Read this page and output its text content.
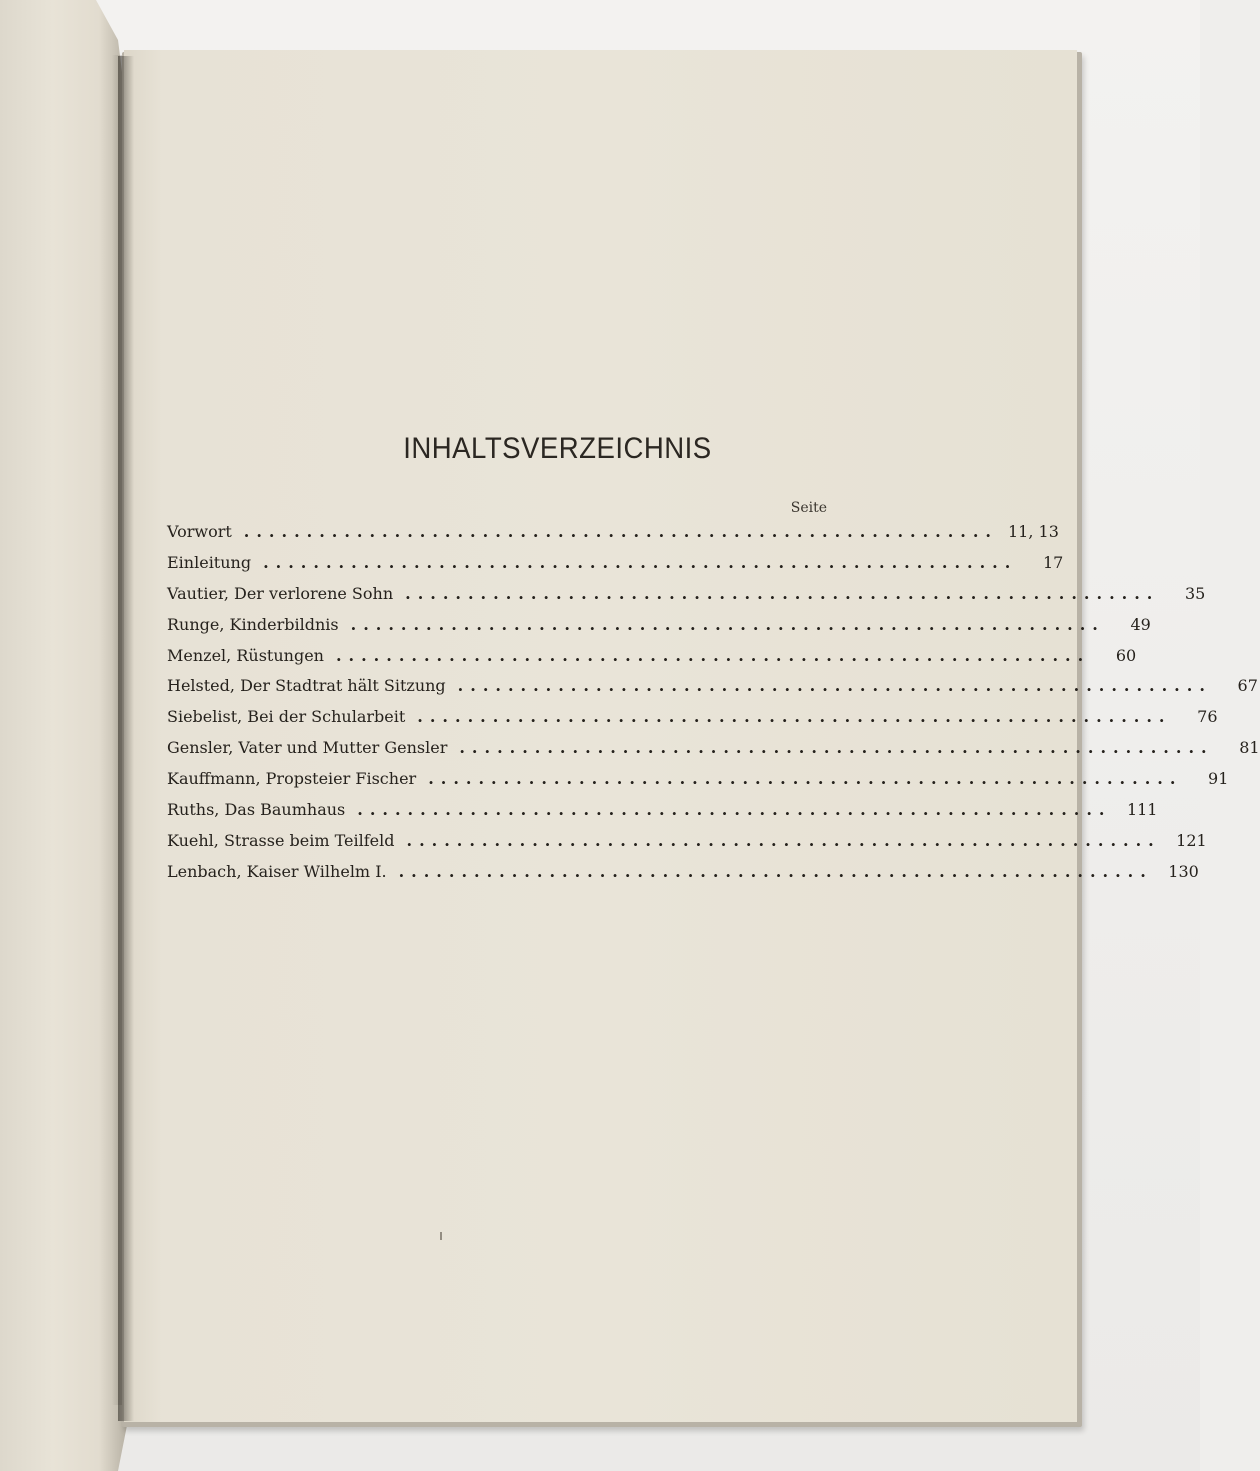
INHALTSVERZEICHNIS
Seite
Vorwort ............................................................ 11, 13
Einleitung ............................................................	17
Vautier, Der verlorene Sohn ............................................................	35
Runge, Kinderbildnis ............................................................	49
Menzel, Rüstungen ............................................................	60
Helsted, Der Stadtrat hält Sitzung ............................................................	67
Siebelist, Bei der Schularbeit ............................................................	76
Gensler, Vater und Mutter Gensler ............................................................	81
Kauffmann, Propsteier Fischer ............................................................	91
Ruths, Das Baumhaus ............................................................ 111
Kuehl, Strasse beim Teilfeld ............................................................ 121
Lenbach, Kaiser Wilhelm I. ............................................................ 130
